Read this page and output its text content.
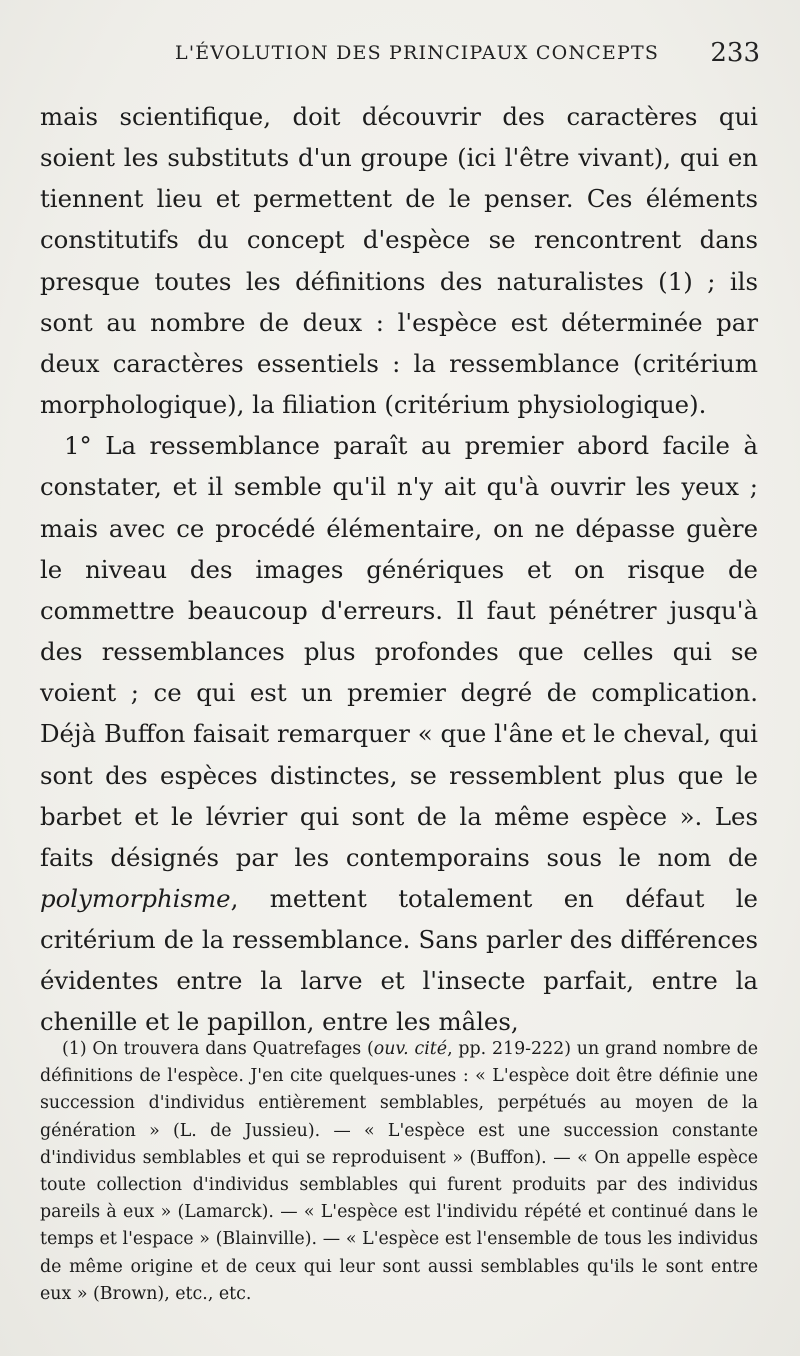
L'ÉVOLUTION DES PRINCIPAUX CONCEPTS 233

mais scientifique, doit découvrir des caractères qui soient les substituts d'un groupe (ici l'être vivant), qui en tiennent lieu et permettent de le penser. Ces éléments constitutifs du concept d'espèce se rencontrent dans presque toutes les définitions des naturalistes (1) ; ils sont au nombre de deux : l'espèce est déterminée par deux caractères essentiels : la ressemblance (critérium morphologique), la filiation (critérium physiologique).

1° La ressemblance paraît au premier abord facile à constater, et il semble qu'il n'y ait qu'à ouvrir les yeux ; mais avec ce procédé élémentaire, on ne dépasse guère le niveau des images génériques et on risque de commettre beaucoup d'erreurs. Il faut pénétrer jusqu'à des ressemblances plus profondes que celles qui se voient ; ce qui est un premier degré de complication. Déjà Buffon faisait remarquer « que l'âne et le cheval, qui sont des espèces distinctes, se ressemblent plus que le barbet et le lévrier qui sont de la même espèce ». Les faits désignés par les contemporains sous le nom de polymorphisme, mettent totalement en défaut le critérium de la ressemblance. Sans parler des différences évidentes entre la larve et l'insecte parfait, entre la chenille et le papillon, entre les mâles,

(1) On trouvera dans Quatrefages (ouv. cité, pp. 219-222) un grand nombre de définitions de l'espèce. J'en cite quelques-unes : « L'espèce doit être définie une succession d'individus entièrement semblables, perpétués au moyen de la génération » (L. de Jussieu). — « L'espèce est une succession constante d'individus semblables et qui se reproduisent » (Buffon). — « On appelle espèce toute collection d'individus semblables qui furent produits par des individus pareils à eux » (Lamarck). — « L'espèce est l'individu répété et continué dans le temps et l'espace » (Blainville). — « L'espèce est l'ensemble de tous les individus de même origine et de ceux qui leur sont aussi semblables qu'ils le sont entre eux » (Brown), etc., etc.
